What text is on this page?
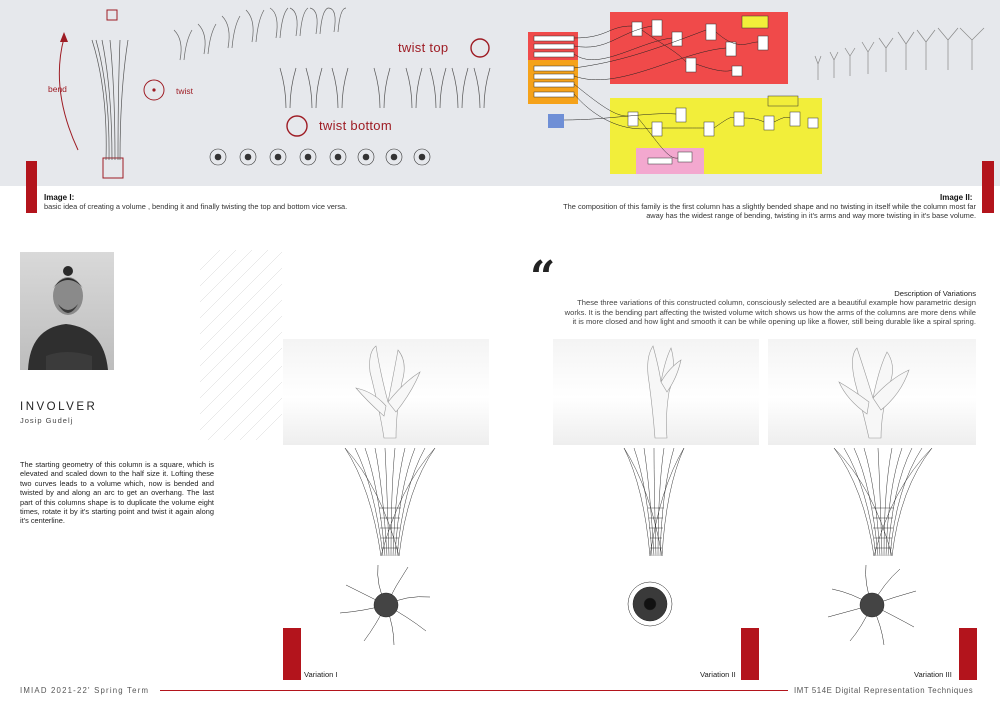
bend	twist
twist top
twist bottom
Image I:
basic idea of creating a volume , bending it and finally twisting the top and bottom vice versa.
Image II:
The composition of this family is the first column has a slightly bended shape and no twisting in itself while the column most far away has the widest range of bending, twisting in it's arms and way more twisting in it's base volume.
INVOLVER
Josip Gudelj
The starting geometry of this column is a square, which is elevated and scaled down to the half size it. Lofting these two curves leads to a volume which, now is bended and twisted by and along an arc to get an overhang. The last part of this columns shape is to duplicate the volume eight times, rotate it by it's starting point and twist it again along it's centerline.
“	Description of Variations
These three variations of this constructed column, consciously selected are a beautiful example how parametric design works. It is the bending part affecting the twisted volume witch shows us how the arms of the columns are more dens while it is more closed and how light and smooth it can be while opening up like a flower, still being durable like a spiral spring.
Variation I	Variation II	Variation III
IMIAD 2021-22' Spring Term	IMT 514E Digital Representation Techniques
